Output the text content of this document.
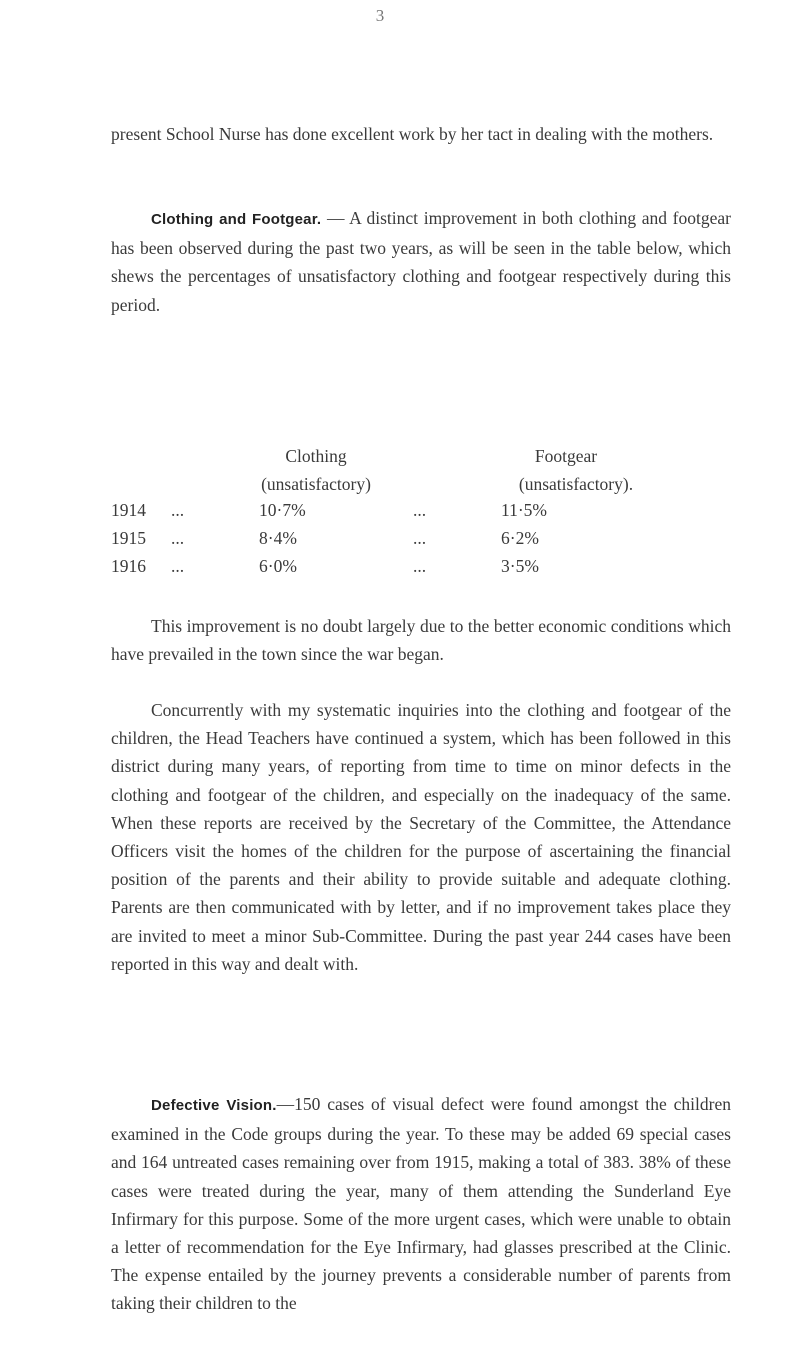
3

present School Nurse has done excellent work by her tact in dealing with the mothers.

Clothing and Footgear. — A distinct improvement in both clothing and footgear has been observed during the past two years, as will be seen in the table below, which shews the percentages of unsatisfactory clothing and footgear respectively during this period.

Clothing	Footgear
(unsatisfactory)	(unsatisfactory).
1914 ...	10·7%	...	11·5%
1915 ...	8·4%	...	6·2%
1916 ...	6·0%	...	3·5%

This improvement is no doubt largely due to the better economic conditions which have prevailed in the town since the war began.

Concurrently with my systematic inquiries into the clothing and footgear of the children, the Head Teachers have continued a system, which has been followed in this district during many years, of reporting from time to time on minor defects in the clothing and footgear of the children, and especially on the inadequacy of the same. When these reports are received by the Secretary of the Committee, the Attendance Officers visit the homes of the children for the purpose of ascertaining the financial position of the parents and their ability to provide suitable and adequate clothing. Parents are then communicated with by letter, and if no improvement takes place they are invited to meet a minor Sub-Committee. During the past year 244 cases have been reported in this way and dealt with.

Defective Vision.—150 cases of visual defect were found amongst the children examined in the Code groups during the year. To these may be added 69 special cases and 164 untreated cases remaining over from 1915, making a total of 383. 38% of these cases were treated during the year, many of them attending the Sunderland Eye Infirmary for this purpose. Some of the more urgent cases, which were unable to obtain a letter of recommendation for the Eye Infirmary, had glasses prescribed at the Clinic. The expense entailed by the journey prevents a considerable number of parents from taking their children to the
